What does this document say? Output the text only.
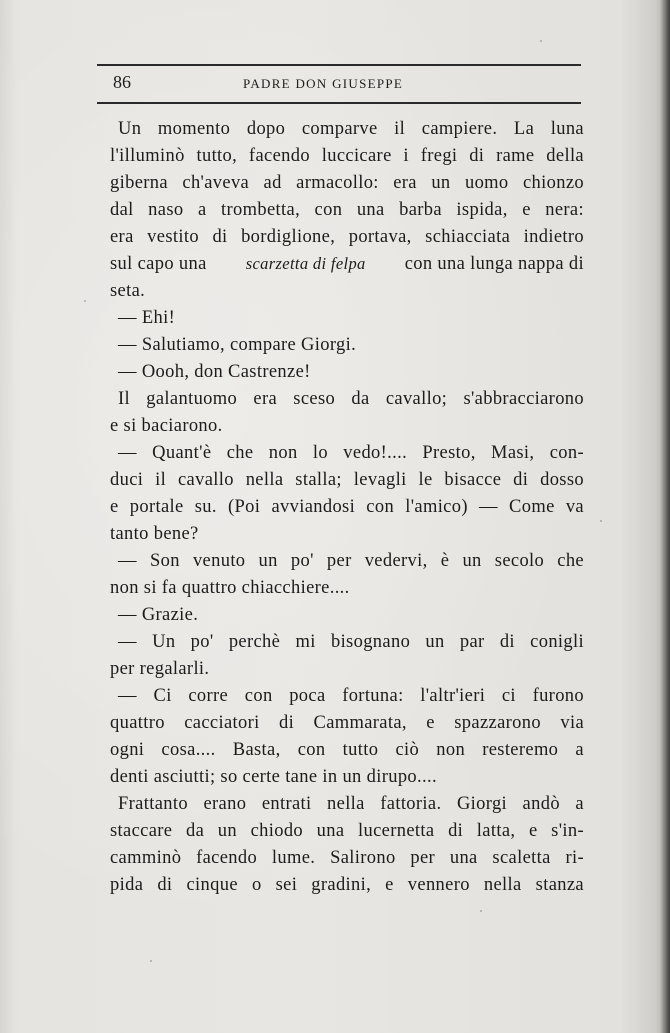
86	PADRE DON GIUSEPPE
Un momento dopo comparve il campiere. La luna
l'illuminò tutto, facendo luccicare i fregi di rame della
giberna ch'aveva ad armacollo: era un uomo chionzo
dal naso a trombetta, con una barba ispida, e nera:
era vestito di bordiglione, portava, schiacciata indietro
sul capo una scarzetta di felpa con una lunga nappa di
seta.
— Ehi!
— Salutiamo, compare Giorgi.
— Oooh, don Castrenze!
Il galantuomo era sceso da cavallo; s'abbracciarono
e si baciarono.
— Quant'è che non lo vedo!.... Presto, Masi, con-
duci il cavallo nella stalla; levagli le bisacce di dosso
e portale su. (Poi avviandosi con l'amico) — Come va
tanto bene?
— Son venuto un po' per vedervi, è un secolo che
non si fa quattro chiacchiere....
— Grazie.
— Un po' perchè mi bisognano un par di conigli
per regalarli.
— Ci corre con poca fortuna: l'altr'ieri ci furono
quattro cacciatori di Cammarata, e spazzarono via
ogni cosa.... Basta, con tutto ciò non resteremo a
denti asciutti; so certe tane in un dirupo....
Frattanto erano entrati nella fattoria. Giorgi andò a
staccare da un chiodo una lucernetta di latta, e s'in-
camminò facendo lume. Salirono per una scaletta ri-
pida di cinque o sei gradini, e vennero nella stanza
